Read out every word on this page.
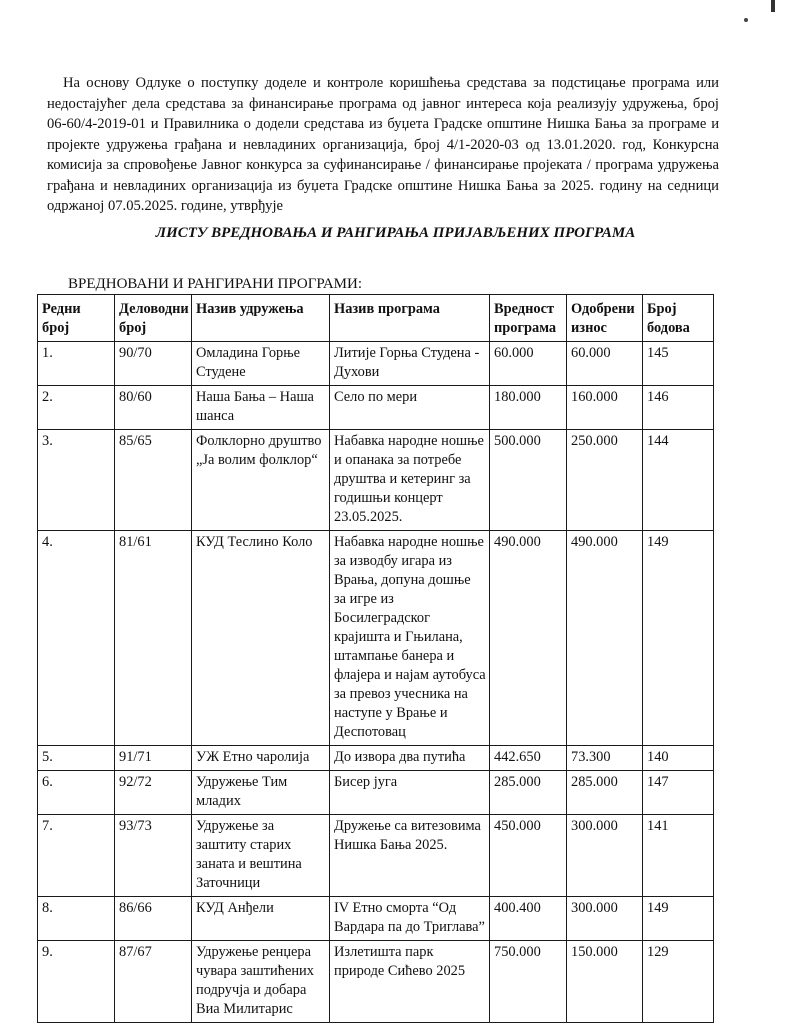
На основу Одлуке о поступку доделе и контроле коришћења средстава за подстицање програма или недостајућег дела средстава за финансирање програма од јавног интереса која реализују удружења, број 06-60/4-2019-01 и Правилника о додели средстава из буџета Градске општине Нишка Бања за програме и пројекте удружења грађана и невладиних организација, број 4/1-2020-03 од 13.01.2020. год, Конкурсна комисија за спровођење Јавног конкурса за суфинансирање / финансирање пројеката / програма удружења грађана и невладиних организација из буџета Градске општине Нишка Бања за 2025. годину на седници одржаној 07.05.2025. године, утврђује

ЛИСТУ ВРЕДНОВАЊА И РАНГИРАЊА ПРИЈАВЉЕНИХ ПРОГРАМА

ВРЕДНОВАНИ И РАНГИРАНИ ПРОГРАМИ:

Редни број	Деловодни број	Назив удружења	Назив програма	Вредност програма	Одобрени износ	Број бодова
1.	90/70	Омладина Горње Студене	Литије Горња Студена - Духови	60.000	60.000	145
2.	80/60	Наша Бања – Наша шанса	Село по мери	180.000	160.000	146
3.	85/65	Фолклорно друштво „Ја волим фолклор“	Набавка народне ношње и опанака за потребе друштва и кетеринг за годишњи концерт 23.05.2025.	500.000	250.000	144
4.	81/61	КУД Теслино Коло	Набавка народне ношње за изводбу игара из Врања, допуна дошње за игре из Босилеградског крајишта и Гњилана, штампање банера и флајера и најам аутобуса за превоз учесника на наступе у Врање и Деспотовац	490.000	490.000	149
5.	91/71	УЖ Етно чаролија	До извора два путића	442.650	73.300	140
6.	92/72	Удружење Тим младих	Бисер југа	285.000	285.000	147
7.	93/73	Удружење за заштиту старих заната и вештина Заточници	Дружење са витезовима Нишка Бања 2025.	450.000	300.000	141
8.	86/66	КУД Анђели	IV Етно сморта “Од Вардара па до Триглава”	400.400	300.000	149
9.	87/67	Удружење ренџера чувара заштићених подручја и добара Виа Милитарис	Излетишта парк природе Сићево 2025	750.000	150.000	129
